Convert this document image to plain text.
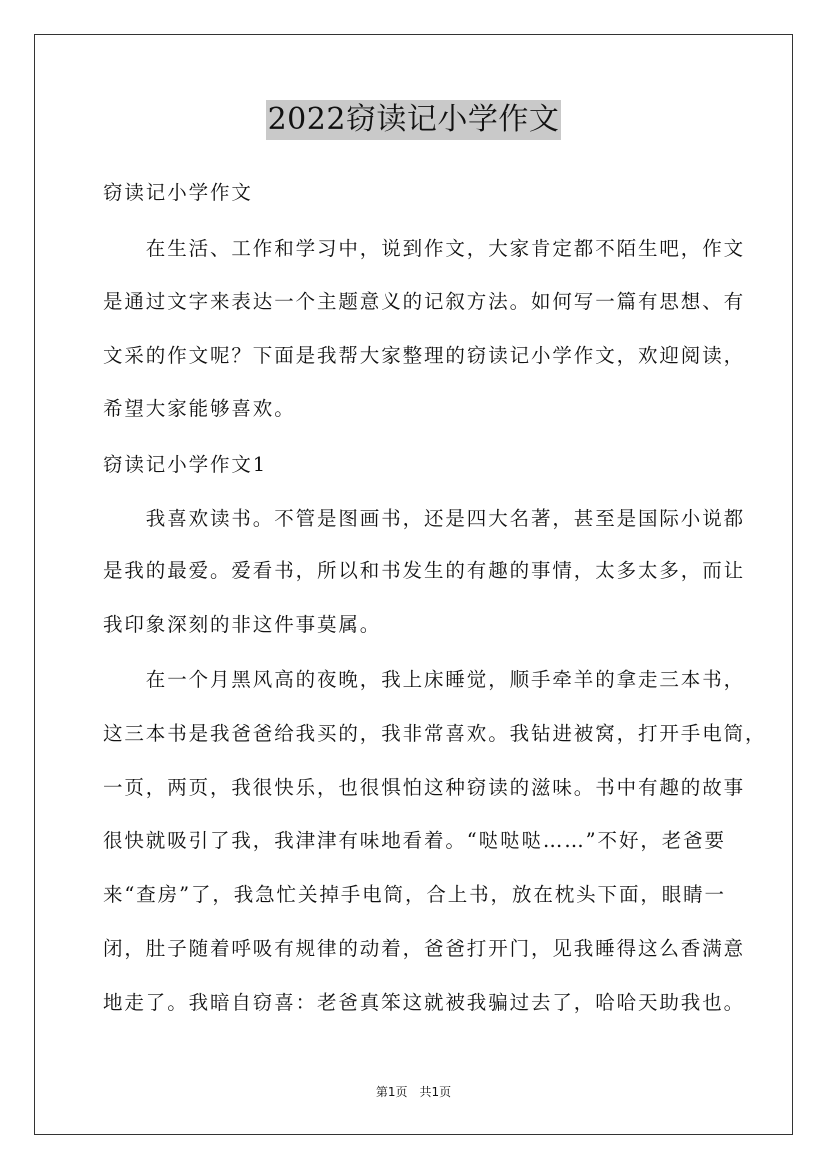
2022窃读记小学作文
窃读记小学作文
　　在生活、工作和学习中，说到作文，大家肯定都不陌生吧，作文
是通过文字来表达一个主题意义的记叙方法。如何写一篇有思想、有
文采的作文呢？下面是我帮大家整理的窃读记小学作文，欢迎阅读，
希望大家能够喜欢。
窃读记小学作文1
　　我喜欢读书。不管是图画书，还是四大名著，甚至是国际小说都
是我的最爱。爱看书，所以和书发生的有趣的事情，太多太多，而让
我印象深刻的非这件事莫属。
　　在一个月黑风高的夜晚，我上床睡觉，顺手牵羊的拿走三本书，
这三本书是我爸爸给我买的，我非常喜欢。我钻进被窝，打开手电筒，
一页，两页，我很快乐，也很惧怕这种窃读的滋味。书中有趣的故事
很快就吸引了我，我津津有味地看着。“哒哒哒……”不好，老爸要
来“查房”了，我急忙关掉手电筒，合上书，放在枕头下面，眼睛一
闭，肚子随着呼吸有规律的动着，爸爸打开门，见我睡得这么香满意
地走了。我暗自窃喜：老爸真笨这就被我骗过去了，哈哈天助我也。
第1页　共1页
